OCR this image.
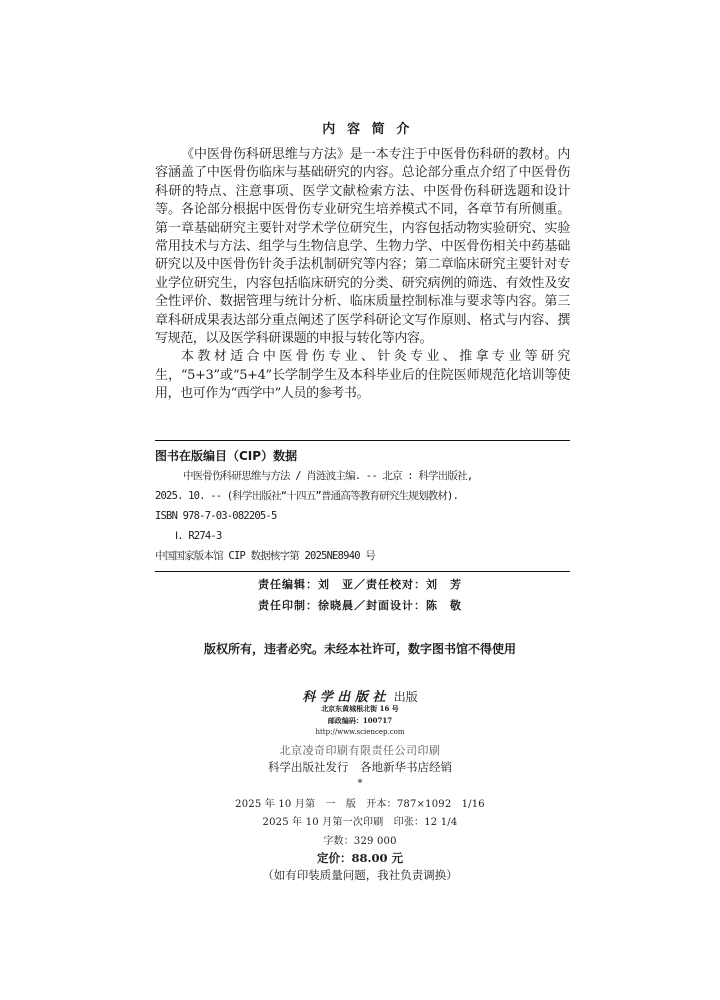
内容简介

《中医骨伤科研思维与方法》是一本专注于中医骨伤科研的教材。内容涵盖了中医骨伤临床与基础研究的内容。总论部分重点介绍了中医骨伤科研的特点、注意事项、医学文献检索方法、中医骨伤科研选题和设计等。各论部分根据中医骨伤专业研究生培养模式不同，各章节有所侧重。第一章基础研究主要针对学术学位研究生，内容包括动物实验研究、实验常用技术与方法、组学与生物信息学、生物力学、中医骨伤相关中药基础研究以及中医骨伤针灸手法机制研究等内容；第二章临床研究主要针对专业学位研究生，内容包括临床研究的分类、研究病例的筛选、有效性及安全性评价、数据管理与统计分析、临床质量控制标准与要求等内容。第三章科研成果表达部分重点阐述了医学科研论文写作原则、格式与内容、撰写规范，以及医学科研课题的申报与转化等内容。

本教材适合中医骨伤专业、针灸专业、推拿专业等研究生，“5+3”或“5+4”长学制学生及本科毕业后的住院医师规范化培训等使用，也可作为“西学中”人员的参考书。

图书在版编目（CIP）数据
中医骨伤科研思维与方法 / 肖涟波主编. -- 北京 : 科学出版社,
2025. 10. -- (科学出版社“十四五”普通高等教育研究生规划教材).
ISBN 978-7-03-082205-5
Ⅰ. R274-3
中国国家版本馆 CIP 数据核字第 2025NE8940 号
责任编辑：刘　亚／责任校对：刘　芳
责任印制：徐晓晨／封面设计：陈　敬
版权所有，违者必究。未经本社许可，数字图书馆不得使用
科学出版社 出版
北京东黄城根北街 16 号
邮政编码：100717
http://www.sciencep.com
北京凌奇印刷有限责任公司印刷
科学出版社发行　各地新华书店经销
*
2025 年 10 月第　一　版　开本：787×1092　1/16
2025 年 10 月第一次印刷　印张：12 1/4
字数：329 000
定价：88.00 元
（如有印装质量问题，我社负责调换）
